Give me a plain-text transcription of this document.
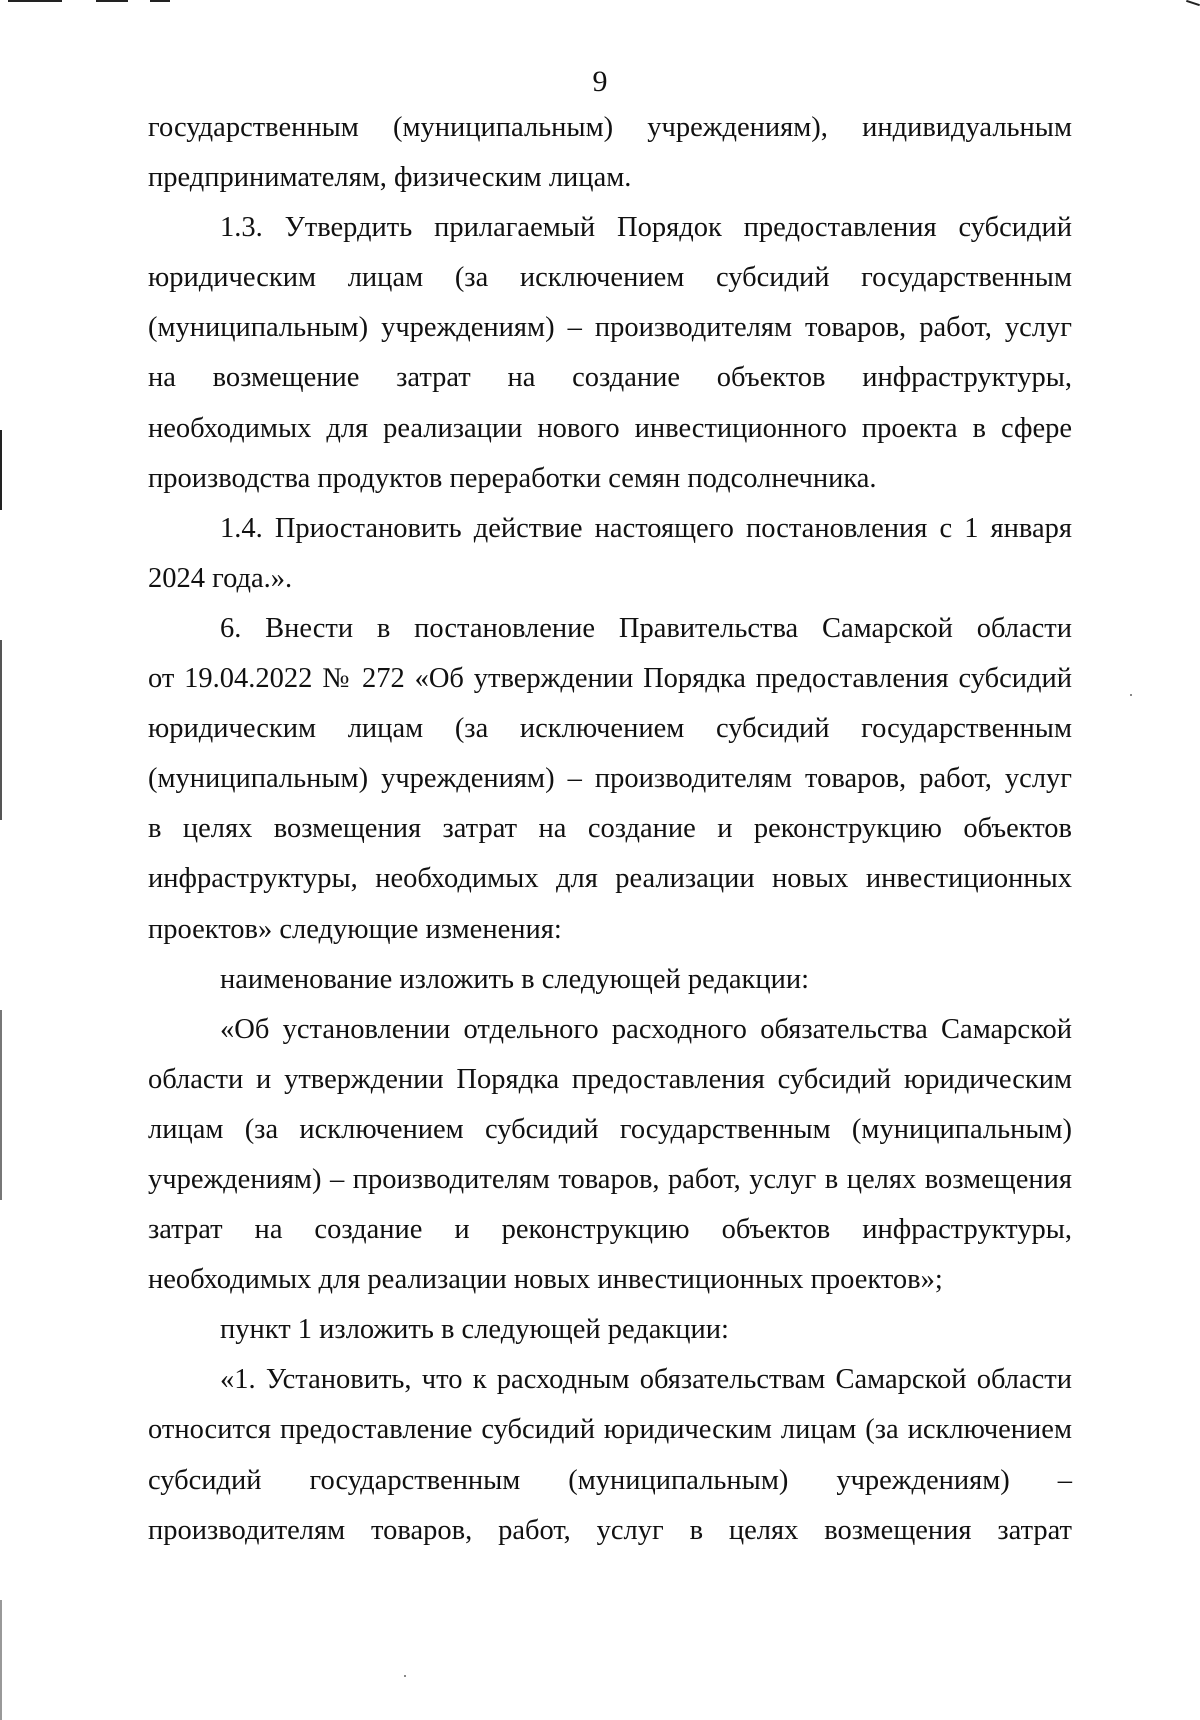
9

государственным (муниципальным) учреждениям), индивидуальным
предпринимателям, физическим лицам.

1.3. Утвердить прилагаемый Порядок предоставления субсидий
юридическим лицам (за исключением субсидий государственным
(муниципальным) учреждениям) – производителям товаров, работ, услуг
на возмещение затрат на создание объектов инфраструктуры,
необходимых для реализации нового инвестиционного проекта в сфере
производства продуктов переработки семян подсолнечника.

1.4. Приостановить действие настоящего постановления с 1 января
2024 года.».

6. Внести в постановление Правительства Самарской области
от 19.04.2022 № 272 «Об утверждении Порядка предоставления субсидий
юридическим лицам (за исключением субсидий государственным
(муниципальным) учреждениям) – производителям товаров, работ, услуг
в целях возмещения затрат на создание и реконструкцию объектов
инфраструктуры, необходимых для реализации новых инвестиционных
проектов» следующие изменения:

наименование изложить в следующей редакции:

«Об установлении отдельного расходного обязательства Самарской
области и утверждении Порядка предоставления субсидий юридическим
лицам (за исключением субсидий государственным (муниципальным)
учреждениям) – производителям товаров, работ, услуг в целях возмещения
затрат на создание и реконструкцию объектов инфраструктуры,
необходимых для реализации новых инвестиционных проектов»;

пункт 1 изложить в следующей редакции:

«1. Установить, что к расходным обязательствам Самарской области
относится предоставление субсидий юридическим лицам (за исключением
субсидий государственным (муниципальным) учреждениям) –
производителям товаров, работ, услуг в целях возмещения затрат
